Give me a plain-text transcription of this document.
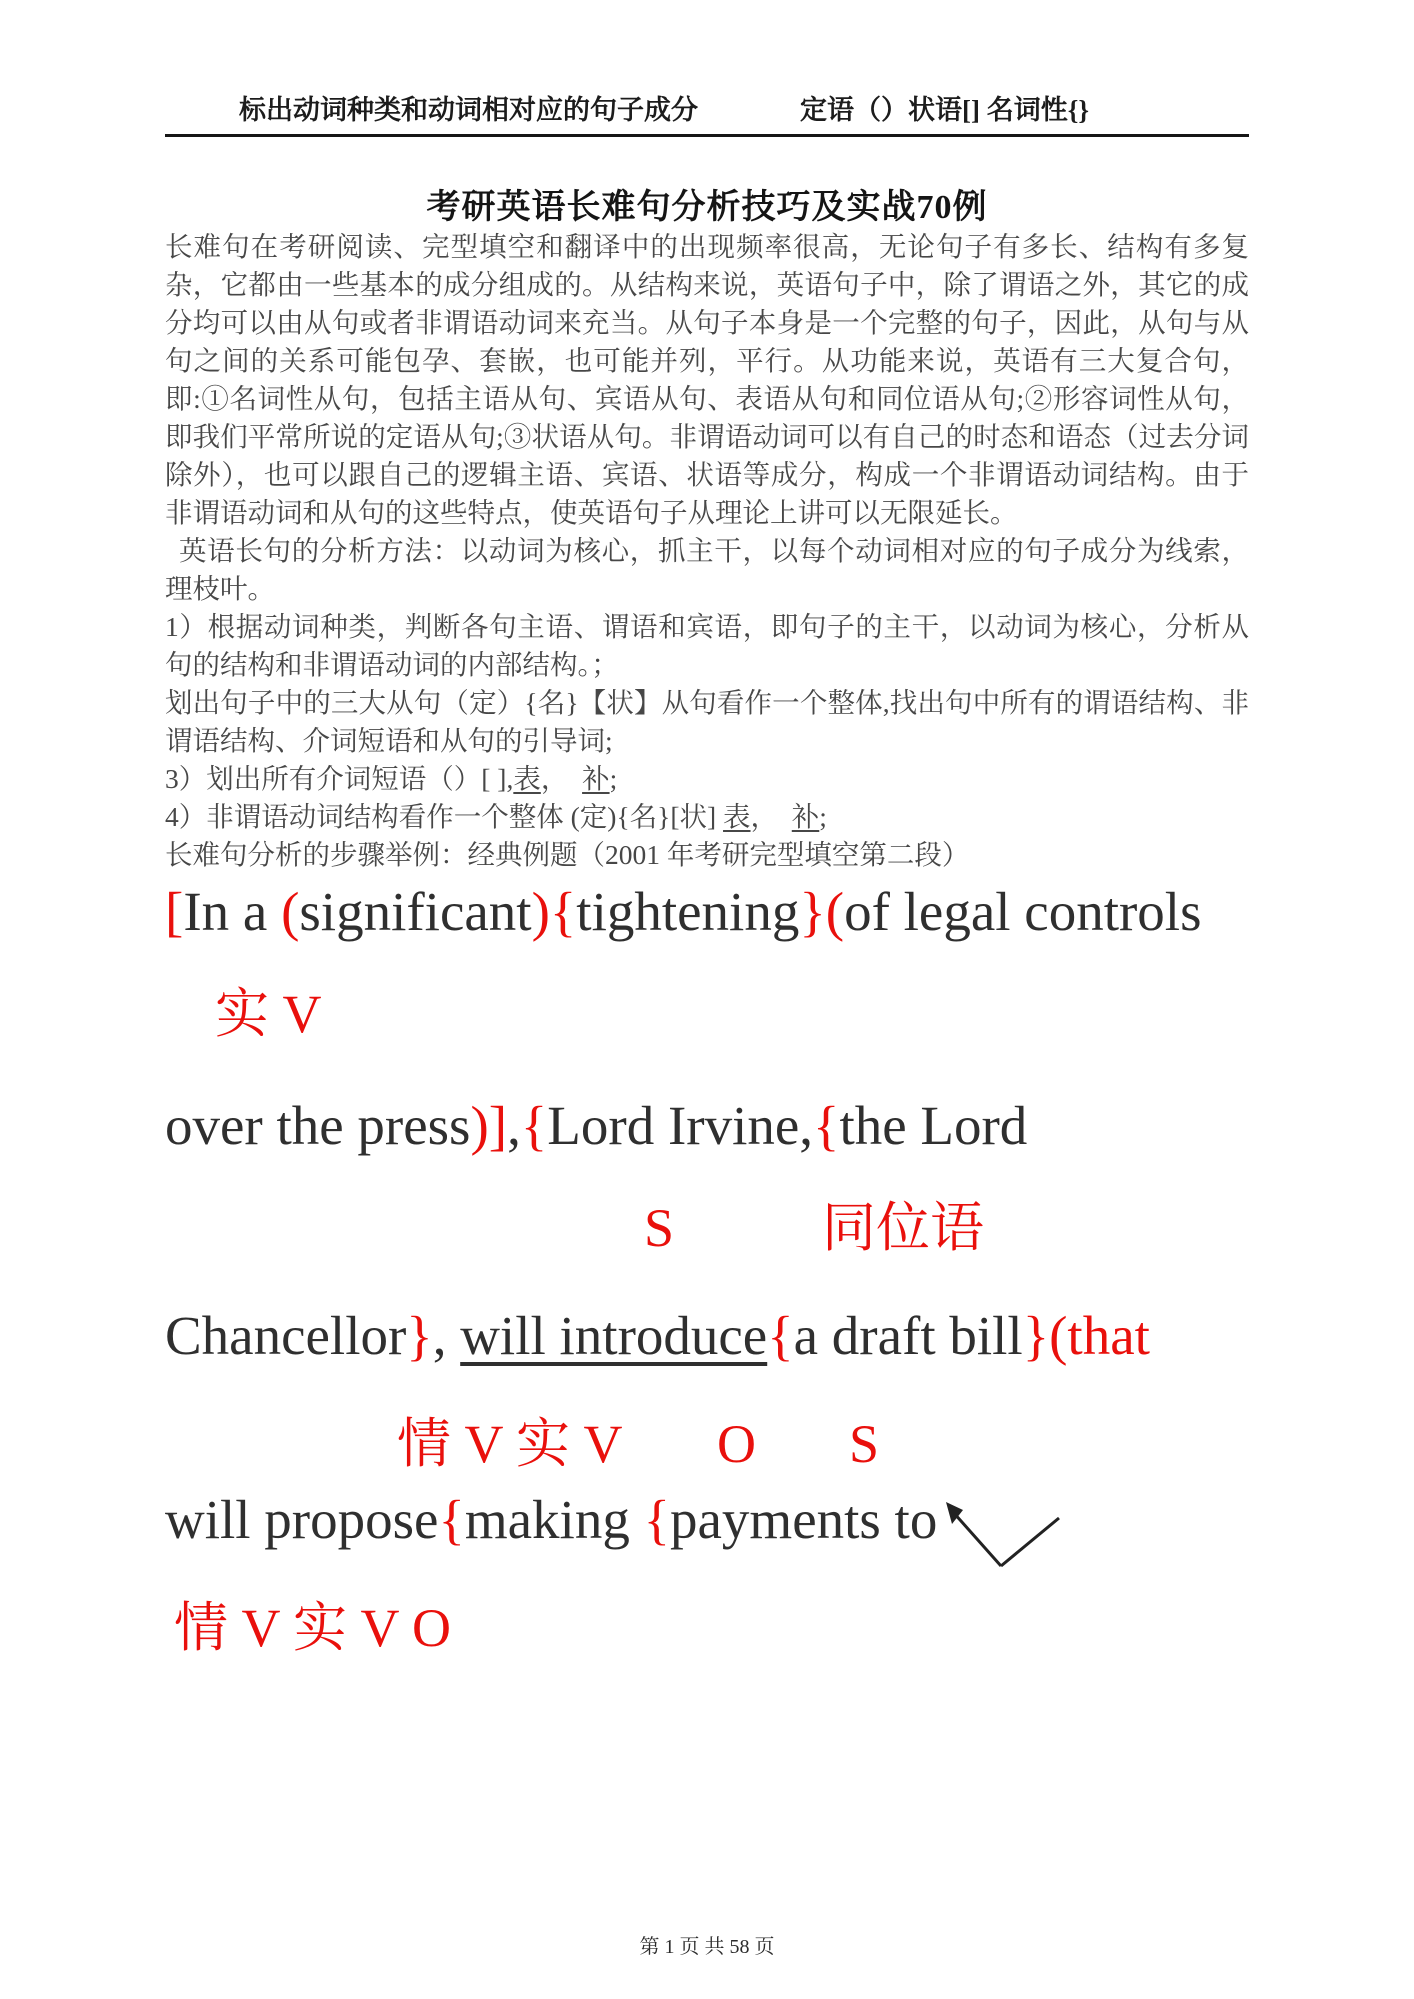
标出动词种类和动词相对应的句子成分	定语（）状语[] 名词性{}
考研英语长难句分析技巧及实战70例

长难句在考研阅读、完型填空和翻译中的出现频率很高，无论句子有多长、结构有多复杂，它都由一些基本的成分组成的。从结构来说，英语句子中，除了谓语之外，其它的成分均可以由从句或者非谓语动词来充当。从句子本身是一个完整的句子，因此，从句与从句之间的关系可能包孕、套嵌，也可能并列，平行。从功能来说，英语有三大复合句，即:①名词性从句，包括主语从句、宾语从句、表语从句和同位语从句;②形容词性从句，即我们平常所说的定语从句;③状语从句。非谓语动词可以有自己的时态和语态（过去分词除外），也可以跟自己的逻辑主语、宾语、状语等成分，构成一个非谓语动词结构。由于非谓语动词和从句的这些特点，使英语句子从理论上讲可以无限延长。

英语长句的分析方法：以动词为核心，抓主干，以每个动词相对应的句子成分为线索，理枝叶。

1）根据动词种类，判断各句主语、谓语和宾语，即句子的主干，以动词为核心，分析从句的结构和非谓语动词的内部结构。；

划出句子中的三大从句（定）{名}【状】从句看作一个整体,找出句中所有的谓语结构、非谓语结构、介词短语和从句的引导词;

3）划出所有介词短语（）[ ],表，　补;

4）非谓语动词结构看作一个整体 (定){名}[状] 表，　补;

长难句分析的步骤举例：经典例题（2001 年考研完型填空第二段）

[In a (significant){tightening}(of legal controls

实 V

over the press)],{Lord Irvine,{the Lord

S	同位语

Chancellor}, will introduce{a draft bill}(that

情 V 实 V O S

will propose{making {payments to

情 V 实 V O
第 1 页 共 58 页
